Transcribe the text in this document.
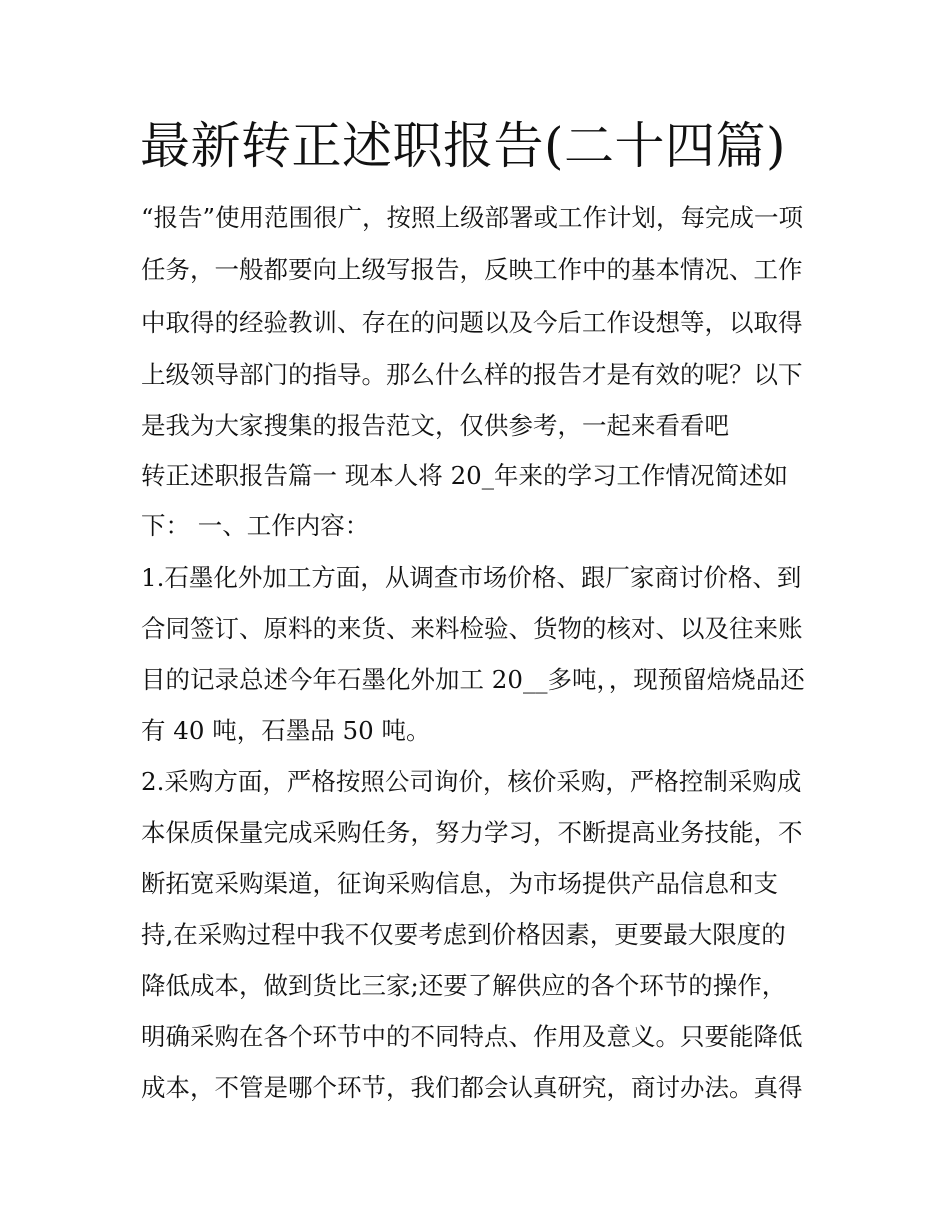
最新转正述职报告(二十四篇)

“报告”使用范围很广，按照上级部署或工作计划，每完成一项

任务，一般都要向上级写报告，反映工作中的基本情况、工作

中取得的经验教训、存在的问题以及今后工作设想等，以取得

上级领导部门的指导。那么什么样的报告才是有效的呢？以下

是我为大家搜集的报告范文，仅供参考，一起来看看吧

转正述职报告篇一 现本人将 20_年来的学习工作情况简述如

下： 一、工作内容：

1.石墨化外加工方面，从调查市场价格、跟厂家商讨价格、到

合同签订、原料的来货、来料检验、货物的核对、以及往来账

目的记录总述今年石墨化外加工 20__多吨，，现预留焙烧品还

有 40 吨，石墨品 50 吨。

2.采购方面，严格按照公司询价，核价采购，严格控制采购成

本保质保量完成采购任务，努力学习，不断提高业务技能，不

断拓宽采购渠道，征询采购信息，为市场提供产品信息和支

持,在采购过程中我不仅要考虑到价格因素，更要最大限度的

降低成本，做到货比三家;还要了解供应的各个环节的操作，

明确采购在各个环节中的不同特点、作用及意义。只要能降低

成本，不管是哪个环节，我们都会认真研究，商讨办法。真得
